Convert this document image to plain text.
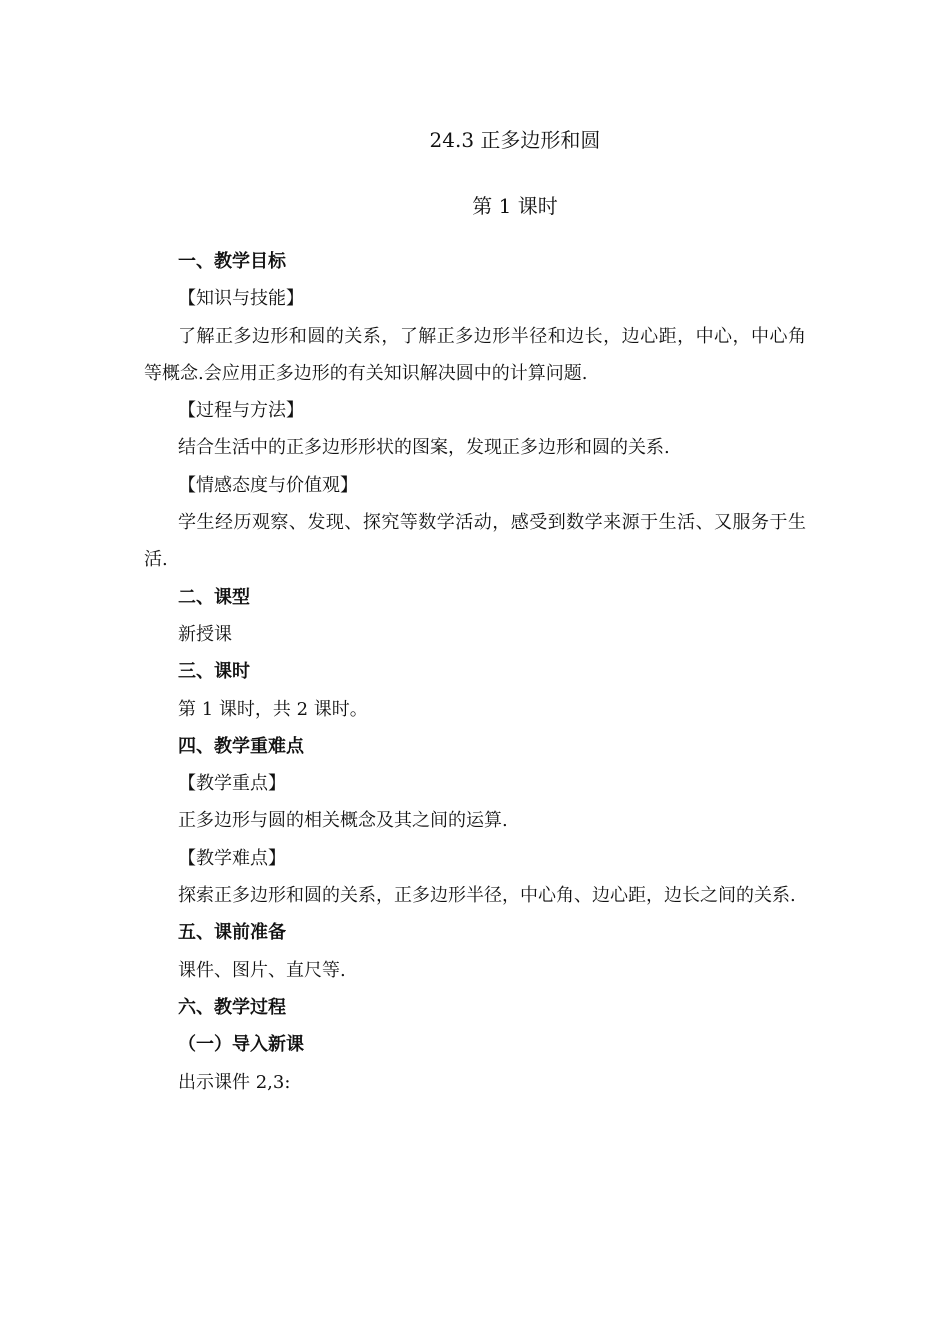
24.3 正多边形和圆
第 1 课时

一、教学目标

【知识与技能】

了解正多边形和圆的关系，了解正多边形半径和边长，边心距，中心，中心角等概念.会应用正多边形的有关知识解决圆中的计算问题.

【过程与方法】

结合生活中的正多边形形状的图案，发现正多边形和圆的关系.

【情感态度与价值观】

学生经历观察、发现、探究等数学活动，感受到数学来源于生活、又服务于生活.

二、课型

新授课

三、课时

第 1 课时，共 2 课时。

四、教学重难点

【教学重点】

正多边形与圆的相关概念及其之间的运算.

【教学难点】

探索正多边形和圆的关系，正多边形半径，中心角、边心距，边长之间的关系.

五、课前准备

课件、图片、直尺等.

六、教学过程

（一）导入新课

出示课件 2,3:
